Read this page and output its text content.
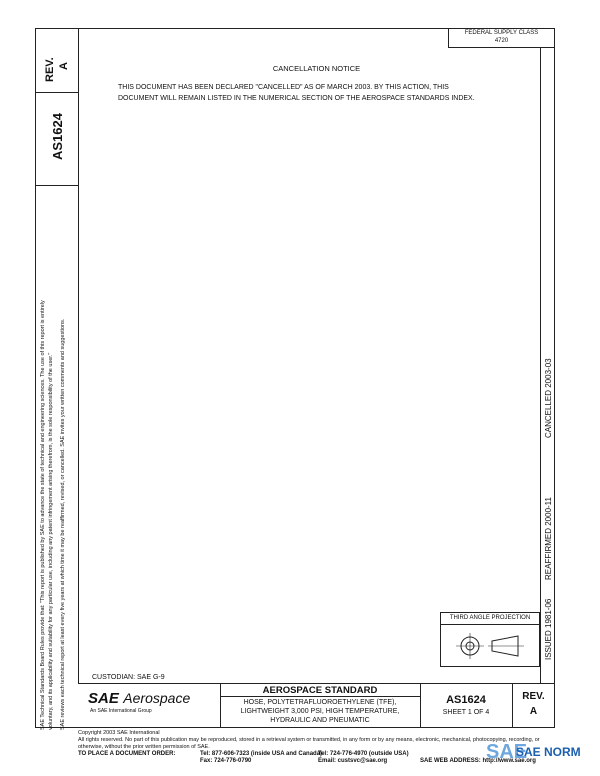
REV. A
AS1624
SAE Technical Standards Board Rules provide that: "This report is published by SAE to advance the state of technical and engineering sciences. The use of this report is entirely voluntary, and its applicability and suitability for any particular use, including any patent infringement arising therefrom, is the sole responsibility of the user." SAE reviews each technical report at least every five years at which time it may be reaffirmed, revised, or cancelled. SAE invites your written comments and suggestions.
FEDERAL SUPPLY CLASS
4720
CANCELLATION NOTICE
THIS DOCUMENT HAS BEEN DECLARED "CANCELLED" AS OF MARCH 2003. BY THIS ACTION, THIS
DOCUMENT WILL REMAIN LISTED IN THE NUMERICAL SECTION OF THE AEROSPACE STANDARDS INDEX.
ISSUED 1981-06
REAFFIRMED 2000-11
CANCELLED 2003-03
THIRD ANGLE PROJECTION
CUSTODIAN: SAE G-9
SAE Aerospace
An SAE International Group
AEROSPACE STANDARD
HOSE, POLYTETRAFLUOROETHYLENE (TFE),
LIGHTWEIGHT 3,000 PSI, HIGH TEMPERATURE,
HYDRAULIC AND PNEUMATIC
AS1624
SHEET 1 OF 4
REV.
A
Copyright 2003 SAE International
All rights reserved. No part of this publication may be reproduced, stored in a retrieval system or transmitted, in any form or by any means, electronic, mechanical, photocopying, recording, or
otherwise, without the prior written permission of SAE.
TO PLACE A DOCUMENT ORDER:	Tel: 877-606-7323 (inside USA and Canada)
Fax: 724-776-0790
Tel: 724-776-4970 (outside USA)
Email: custsvc@sae.org	SAE WEB ADDRESS: http://www.sae.org
SAE
SAE NORM
